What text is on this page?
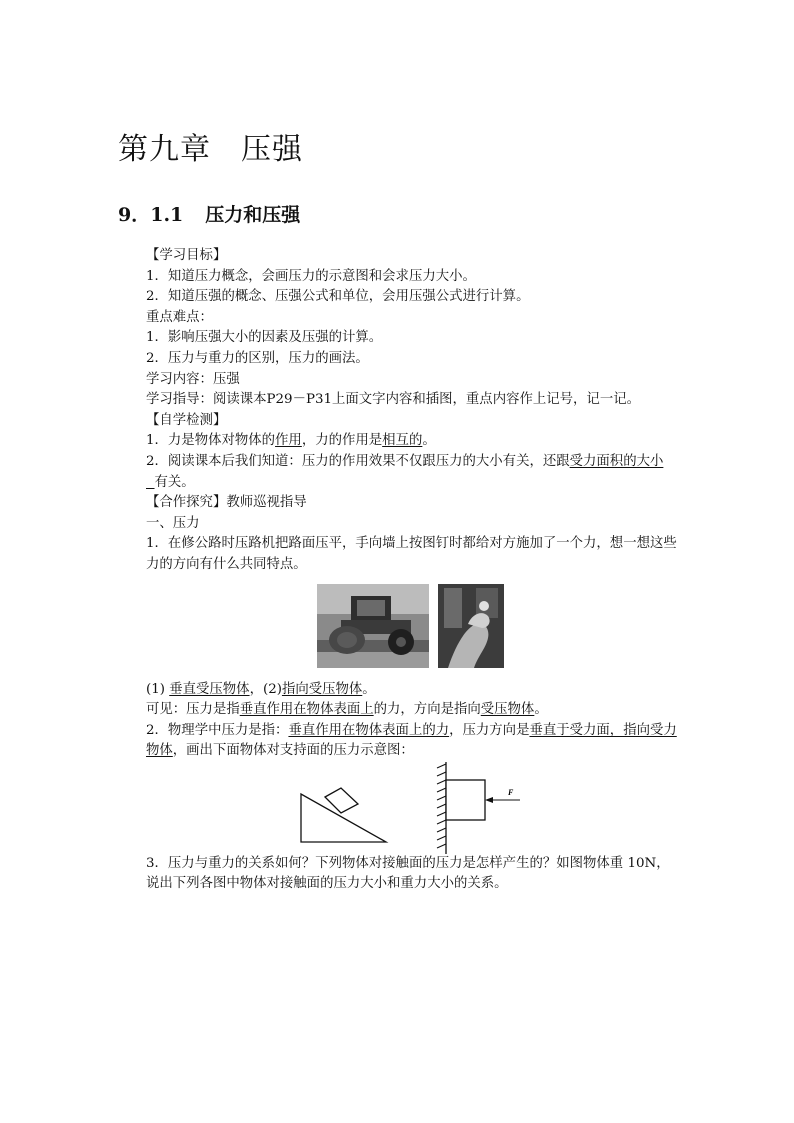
第九章 压强
9．1.1 压力和压强

【学习目标】

1．知道压力概念，会画压力的示意图和会求压力大小。

2．知道压强的概念、压强公式和单位，会用压强公式进行计算。

重点难点：

1．影响压强大小的因素及压强的计算。

2．压力与重力的区别，压力的画法。

学习内容：压强

学习指导：阅读课本P29－P31上面文字内容和插图，重点内容作上记号，记一记。

【自学检测】

1．力是物体对物体的作用，力的作用是相互的。

2．阅读课本后我们知道：压力的作用效果不仅跟压力的大小有关，还跟受力面积的大小  有关。

【合作探究】教师巡视指导

一、压力

1．在修公路时压路机把路面压平，手向墙上按图钉时都给对方施加了一个力，想一想这些力的方向有什么共同特点。

(1) 垂直受压物体，(2)指向受压物体。

可见：压力是指垂直作用在物体表面上的力，方向是指向受压物体。

2．物理学中压力是指：垂直作用在物体表面上的力，压力方向是垂直于受力面，指向受力物体，画出下面物体对支持面的压力示意图：

F

3．压力与重力的关系如何？下列物体对接触面的压力是怎样产生的？如图物体重 10N，说出下列各图中物体对接触面的压力大小和重力大小的关系。
